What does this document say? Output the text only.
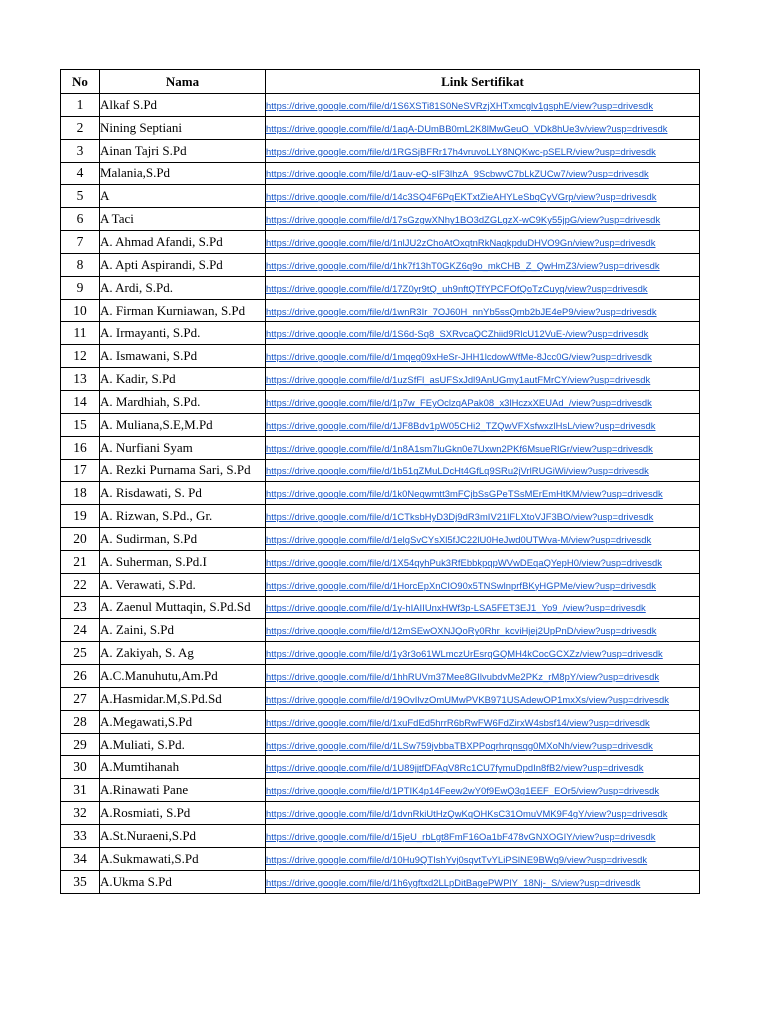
No	Nama	Link Sertifikat
1	Alkaf S.Pd	https://drive.google.com/file/d/1S6XSTi81S0NeSVRzjXHTxmcglv1gsphE/view?usp=drivesdk
2	Nining Septiani	https://drive.google.com/file/d/1aqA-DUmBB0mL2K8lMwGeuO_VDk8hUe3v/view?usp=drivesdk
3	Ainan Tajri S.Pd	https://drive.google.com/file/d/1RGSjBFRr17h4vruvoLLY8NQKwc-pSELR/view?usp=drivesdk
4	Malania,S.Pd	https://drive.google.com/file/d/1auv-eQ-sIF3lhzA_9ScbwvC7bLkZUCw7/view?usp=drivesdk
5	A	https://drive.google.com/file/d/14c3SQ4F6PqEKTxtZieAHYLeSbqCyVGrp/view?usp=drivesdk
6	A Taci	https://drive.google.com/file/d/17sGzgwXNhy1BO3dZGLgzX-wC9Ky55jpG/view?usp=drivesdk
7	A. Ahmad Afandi, S.Pd	https://drive.google.com/file/d/1nlJU2zChoAtOxqtnRkNaqkpduDHVO9Gn/view?usp=drivesdk
8	A. Apti Aspirandi, S.Pd	https://drive.google.com/file/d/1hk7f13hT0GKZ6q9o_mkCHB_Z_QwHmZ3/view?usp=drivesdk
9	A. Ardi, S.Pd.	https://drive.google.com/file/d/17Z0yr9tQ_uh9nftQTfYPCFOfQoTzCuyq/view?usp=drivesdk
10	A. Firman Kurniawan, S.Pd	https://drive.google.com/file/d/1wnR3Ir_7OJ60H_nnYb5ssQmb2bJE4eP9/view?usp=drivesdk
11	A. Irmayanti, S.Pd.	https://drive.google.com/file/d/1S6d-Sq8_SXRvcaQCZhiid9RlcU12VuE-/view?usp=drivesdk
12	A. Ismawani, S.Pd	https://drive.google.com/file/d/1mqeg09xHeSr-JHH1lcdowWfMe-8Jcc0G/view?usp=drivesdk
13	A. Kadir, S.Pd	https://drive.google.com/file/d/1uzSfFl_asUFSxJdl9AnUGmy1autFMrCY/view?usp=drivesdk
14	A. Mardhiah, S.Pd.	https://drive.google.com/file/d/1p7w_FEyOclzqAPak08_x3lHczxXEUAd_/view?usp=drivesdk
15	A. Muliana,S.E,M.Pd	https://drive.google.com/file/d/1JF8Bdv1pW05CHi2_TZQwVFXsfwxzlHsL/view?usp=drivesdk
16	A. Nurfiani Syam	https://drive.google.com/file/d/1n8A1sm7luGkn0e7Uxwn2PKf6MsueRlGr/view?usp=drivesdk
17	A. Rezki Purnama Sari, S.Pd	https://drive.google.com/file/d/1b51gZMuLDcHt4GfLq9SRu2jVrlRUGiWi/view?usp=drivesdk
18	A. Risdawati, S. Pd	https://drive.google.com/file/d/1k0Negwmtt3mFCjbSsGPeTSsMErEmHtKM/view?usp=drivesdk
19	A. Rizwan, S.Pd., Gr.	https://drive.google.com/file/d/1CTksbHyD3Dj9dR3mIV21lFLXtoVJF3BO/view?usp=drivesdk
20	A. Sudirman, S.Pd	https://drive.google.com/file/d/1elgSvCYsXl5fJC22lU0HeJwd0UTWva-M/view?usp=drivesdk
21	A. Suherman, S.Pd.I	https://drive.google.com/file/d/1X54qyhPuk3RfEbbkpqpWVwDEqaQYepH0/view?usp=drivesdk
22	A. Verawati, S.Pd.	https://drive.google.com/file/d/1HorcEpXnCIO90x5TNSwlnprfBKyHGPMe/view?usp=drivesdk
23	A. Zaenul Muttaqin, S.Pd.Sd	https://drive.google.com/file/d/1y-hIAIIUnxHWf3p-LSA5FET3EJ1_Yo9_/view?usp=drivesdk
24	A. Zaini, S.Pd	https://drive.google.com/file/d/12mSEwOXNJQoRy0Rhr_kcviHjej2UpPnD/view?usp=drivesdk
25	A. Zakiyah, S. Ag	https://drive.google.com/file/d/1y3r3o61WLmczUrEsrqGQMH4kCocGCXZz/view?usp=drivesdk
26	A.C.Manuhutu,Am.Pd	https://drive.google.com/file/d/1hhRUVm37Mee8GIlvubdvMe2PKz_rM8pY/view?usp=drivesdk
27	A.Hasmidar.M,S.Pd.Sd	https://drive.google.com/file/d/19OvIlvzOmUMwPVKB971USAdewOP1mxXs/view?usp=drivesdk
28	A.Megawati,S.Pd	https://drive.google.com/file/d/1xuFdEd5hrrR6bRwFW6FdZirxW4sbsf14/view?usp=drivesdk
29	A.Muliati, S.Pd.	https://drive.google.com/file/d/1LSw759jvbbaTBXPPoqrhrqnsqg0MXoNh/view?usp=drivesdk
30	A.Mumtihanah	https://drive.google.com/file/d/1U89jjtfDFAgV8Rc1CU7fymuDpdIn8fB2/view?usp=drivesdk
31	A.Rinawati Pane	https://drive.google.com/file/d/1PTIK4p14Feew2wY0f9EwQ3g1EEF_EOr5/view?usp=drivesdk
32	A.Rosmiati, S.Pd	https://drive.google.com/file/d/1dvnRkiUtHzQwKqOHKsC31OmuVMK9F4gY/view?usp=drivesdk
33	A.St.Nuraeni,S.Pd	https://drive.google.com/file/d/15jeU_rbLgt8FmF16Oa1bF478vGNXOGIY/view?usp=drivesdk
34	A.Sukmawati,S.Pd	https://drive.google.com/file/d/10Hu9QTIshYvj0sqvtTvYLiPSlNE9BWq9/view?usp=drivesdk
35	A.Ukma S.Pd	https://drive.google.com/file/d/1h6ygftxd2LLpDitBagePWPlY_18Nj-_S/view?usp=drivesdk
